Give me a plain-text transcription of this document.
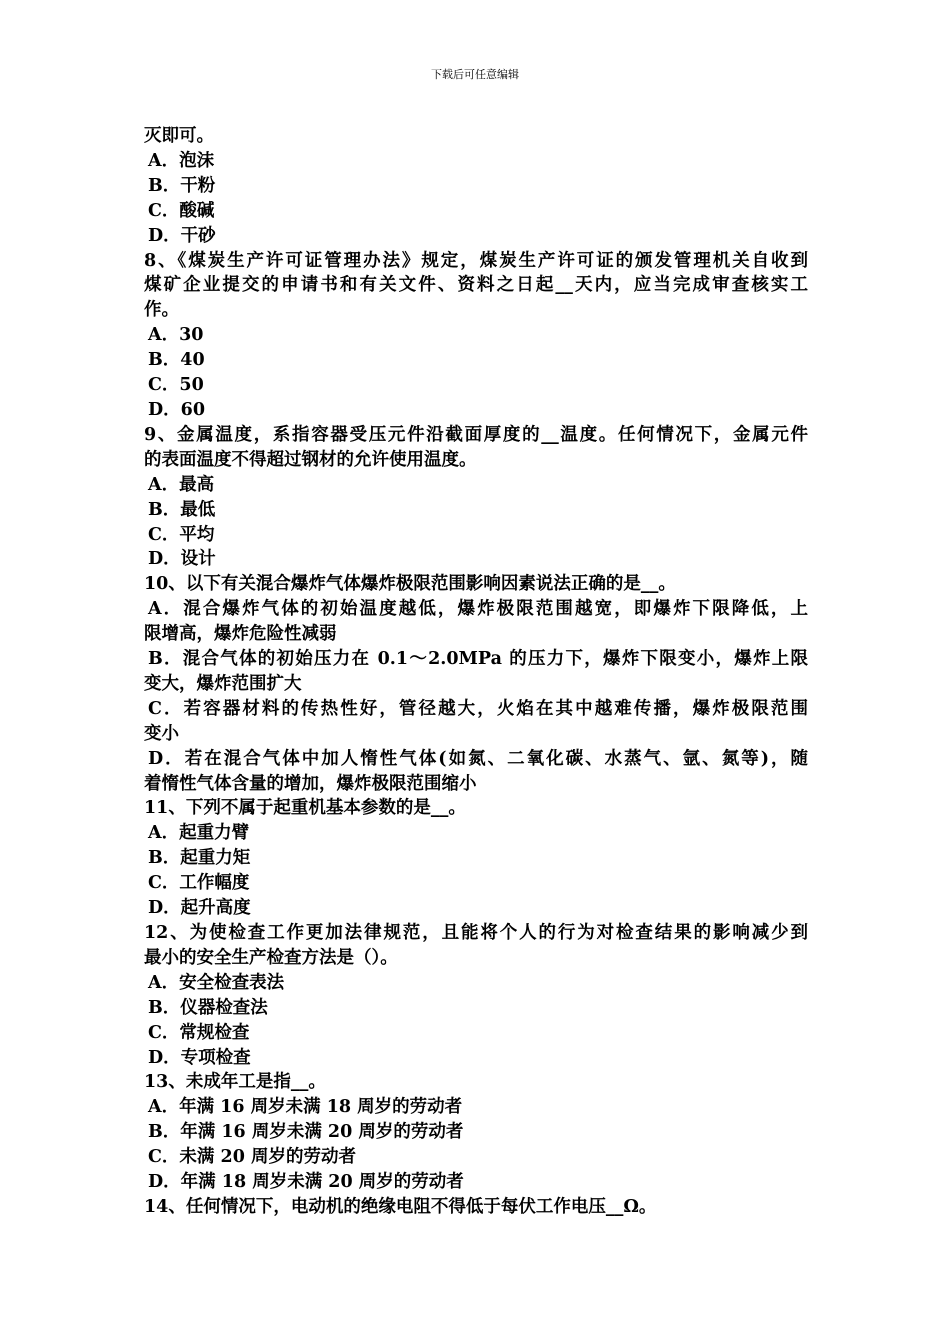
下载后可任意编辑
灭即可。
A．泡沫
B．干粉
C．酸碱
D．干砂
8、《煤炭生产许可证管理办法》规定，煤炭生产许可证的颁发管理机关自收到
煤矿企业提交的申请书和有关文件、资料之日起__天内，应当完成审查核实工
作。
A．30
B．40
C．50
D．60
9、金属温度，系指容器受压元件沿截面厚度的__温度。任何情况下，金属元件
的表面温度不得超过钢材的允许使用温度。
A．最高
B．最低
C．平均
D．设计
10、以下有关混合爆炸气体爆炸极限范围影响因素说法正确的是__。
A．混合爆炸气体的初始温度越低，爆炸极限范围越宽，即爆炸下限降低，上
限增高，爆炸危险性减弱
B．混合气体的初始压力在 0.1～2.0MPa 的压力下，爆炸下限变小，爆炸上限
变大，爆炸范围扩大
C．若容器材料的传热性好，管径越大，火焰在其中越难传播，爆炸极限范围
变小
D．若在混合气体中加人惰性气体(如氮、二氧化碳、水蒸气、氩、氮等)，随
着惰性气体含量的增加，爆炸极限范围缩小
11、下列不属于起重机基本参数的是__。
A．起重力臂
B．起重力矩
C．工作幅度
D．起升高度
12、为使检查工作更加法律规范，且能将个人的行为对检查结果的影响减少到
最小的安全生产检查方法是（）。
A．安全检查表法
B．仪器检查法
C．常规检查
D．专项检查
13、未成年工是指__。
A．年满 16 周岁未满 18 周岁的劳动者
B．年满 16 周岁未满 20 周岁的劳动者
C．未满 20 周岁的劳动者
D．年满 18 周岁未满 20 周岁的劳动者
14、任何情况下，电动机的绝缘电阻不得低于每伏工作电压__Ω。
